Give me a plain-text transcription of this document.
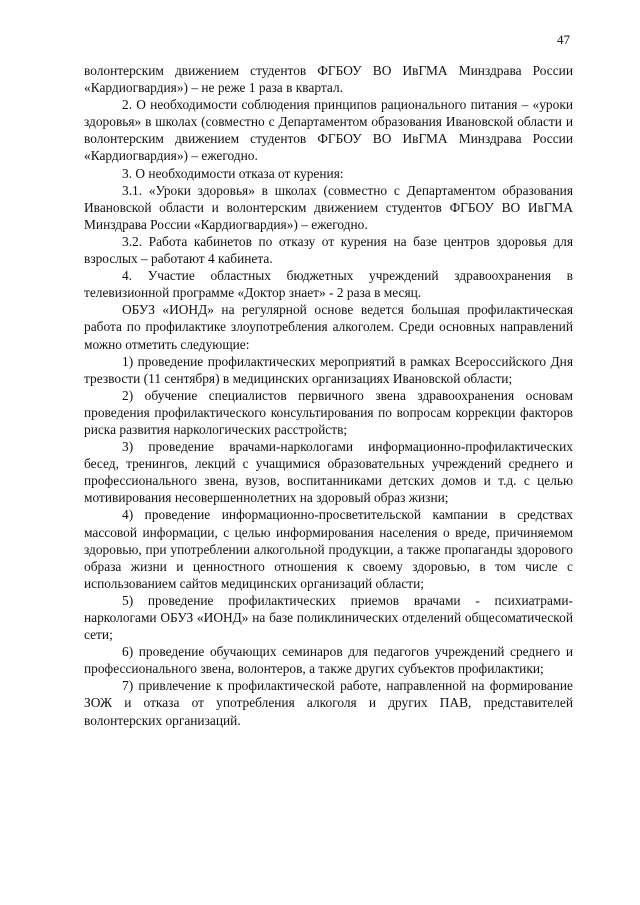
47

волонтерским движением студентов ФГБОУ ВО ИвГМА Минздрава России «Кардиогвардия») – не реже 1 раза в квартал.

2. О необходимости соблюдения принципов рационального питания – «уроки здоровья» в школах (совместно с Департаментом образования Ивановской области и волонтерским движением студентов ФГБОУ ВО ИвГМА Минздрава России «Кардиогвардия») – ежегодно.

3. О необходимости отказа от курения:

3.1. «Уроки здоровья» в школах (совместно с Департаментом образования Ивановской области и волонтерским движением студентов ФГБОУ ВО ИвГМА Минздрава России «Кардиогвардия») – ежегодно.

3.2. Работа кабинетов по отказу от курения на базе центров здоровья для взрослых – работают 4 кабинета.

4. Участие областных бюджетных учреждений здравоохранения в телевизионной программе «Доктор знает» - 2 раза в месяц.

ОБУЗ «ИОНД» на регулярной основе ведется большая профилактическая работа по профилактике злоупотребления алкоголем. Среди основных направлений можно отметить следующие:

1) проведение профилактических мероприятий в рамках Всероссийского Дня трезвости (11 сентября) в медицинских организациях Ивановской области;

2) обучение специалистов первичного звена здравоохранения основам проведения профилактического консультирования по вопросам коррекции факторов риска развития наркологических расстройств;

3) проведение врачами-наркологами информационно-профилактических бесед, тренингов, лекций с учащимися образовательных учреждений среднего и профессионального звена, вузов, воспитанниками детских домов и т.д. с целью мотивирования несовершеннолетних на здоровый образ жизни;

4) проведение информационно-просветительской кампании в средствах массовой информации, с целью информирования населения о вреде, причиняемом здоровью, при употреблении алкогольной продукции, а также пропаганды здорового образа жизни и ценностного отношения к своему здоровью, в том числе с использованием сайтов медицинских организаций области;

5) проведение профилактических приемов врачами - психиатрами-наркологами ОБУЗ «ИОНД» на базе поликлинических отделений общесоматической сети;

6) проведение обучающих семинаров для педагогов учреждений среднего и профессионального звена, волонтеров, а также других субъектов профилактики;

7) привлечение к профилактической работе, направленной на формирование ЗОЖ и отказа от употребления алкоголя и других ПАВ, представителей волонтерских организаций.
